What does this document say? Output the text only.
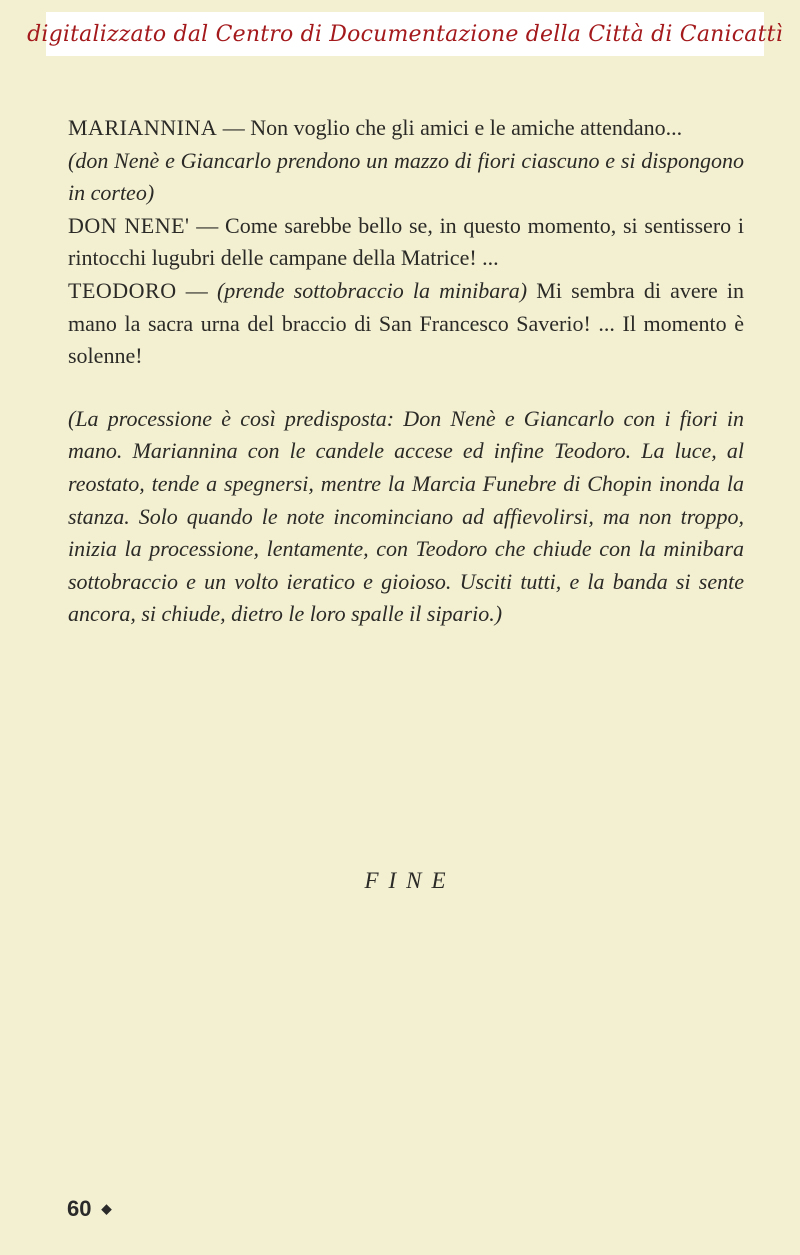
digitalizzato dal Centro di Documentazione della Città di Canicattì

MARIANNINA — Non voglio che gli amici e le amiche attendano...

(don Nenè e Giancarlo prendono un mazzo di fiori ciascuno e si dispongono in corteo)

DON NENE' — Come sarebbe bello se, in questo momento, si sentissero i rintocchi lugubri delle campane della Matrice! ...

TEODORO — (prende sottobraccio la minibara) Mi sembra di avere in mano la sacra urna del braccio di San Francesco Saverio! ... Il momento è solenne!

(La processione è così predisposta: Don Nenè e Giancarlo con i fiori in mano. Mariannina con le candele accese ed infine Teodoro. La luce, al reostato, tende a spegnersi, mentre la Marcia Funebre di Chopin inonda la stanza. Solo quando le note incominciano ad affievolirsi, ma non troppo, inizia la processione, lentamente, con Teodoro che chiude con la minibara sottobraccio e un volto ieratico e gioioso. Usciti tutti, e la banda si sente ancora, si chiude, dietro le loro spalle il sipario.)

FINE
60 ◆
